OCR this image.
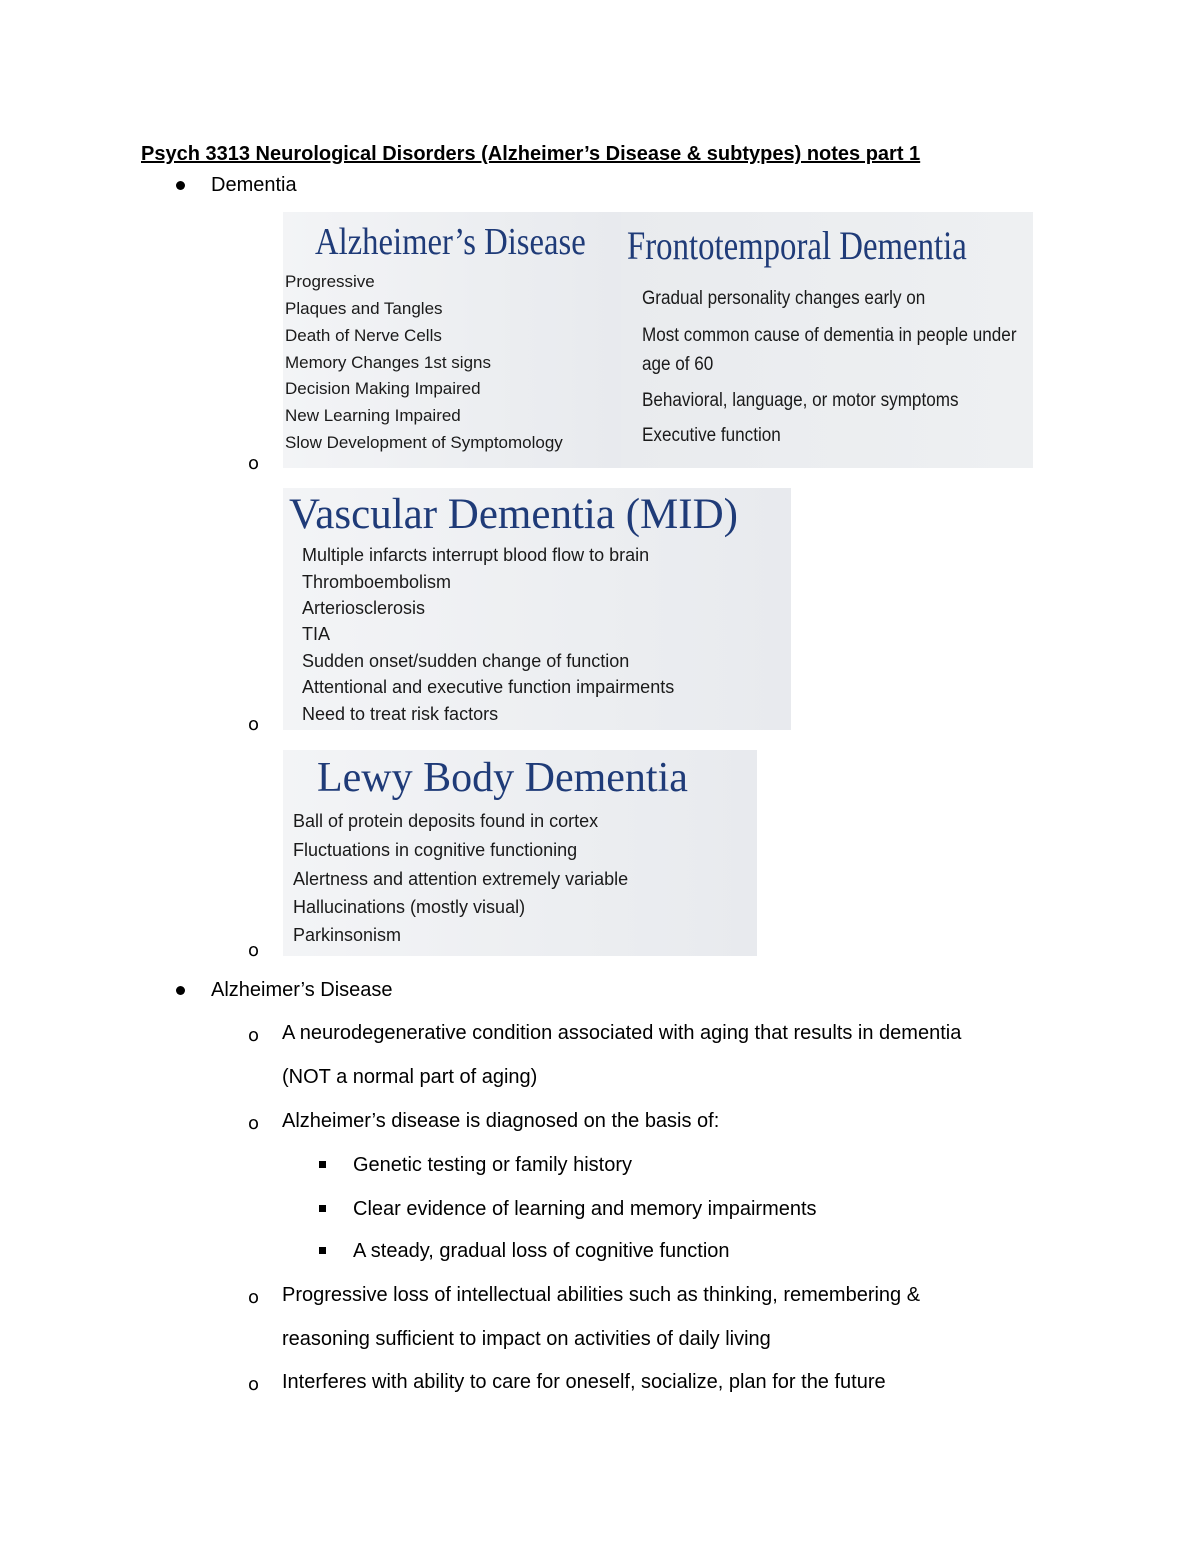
Psych 3313 Neurological Disorders (Alzheimer’s Disease & subtypes) notes part 1
Dementia
Alzheimer’s Disease
Progressive
Plaques and Tangles
Death of Nerve Cells
Memory Changes 1st signs
Decision Making Impaired
New Learning Impaired
Slow Development of Symptomology
Frontotemporal Dementia
Gradual personality changes early on
Most common cause of dementia in people under
age of 60
Behavioral, language, or motor symptoms
Executive function
o
Vascular Dementia (MID)
Multiple infarcts interrupt blood flow to brain
Thromboembolism
Arteriosclerosis
TIA
Sudden onset/sudden change of function
Attentional and executive function impairments
Need to treat risk factors
o
Lewy Body Dementia
Ball of protein deposits found in cortex
Fluctuations in cognitive functioning
Alertness and attention extremely variable
Hallucinations (mostly visual)
Parkinsonism
o
Alzheimer’s Disease
o A neurodegenerative condition associated with aging that results in dementia
(NOT a normal part of aging)
o Alzheimer’s disease is diagnosed on the basis of:
Genetic testing or family history
Clear evidence of learning and memory impairments
A steady, gradual loss of cognitive function
o Progressive loss of intellectual abilities such as thinking, remembering &
reasoning sufficient to impact on activities of daily living
o Interferes with ability to care for oneself, socialize, plan for the future
